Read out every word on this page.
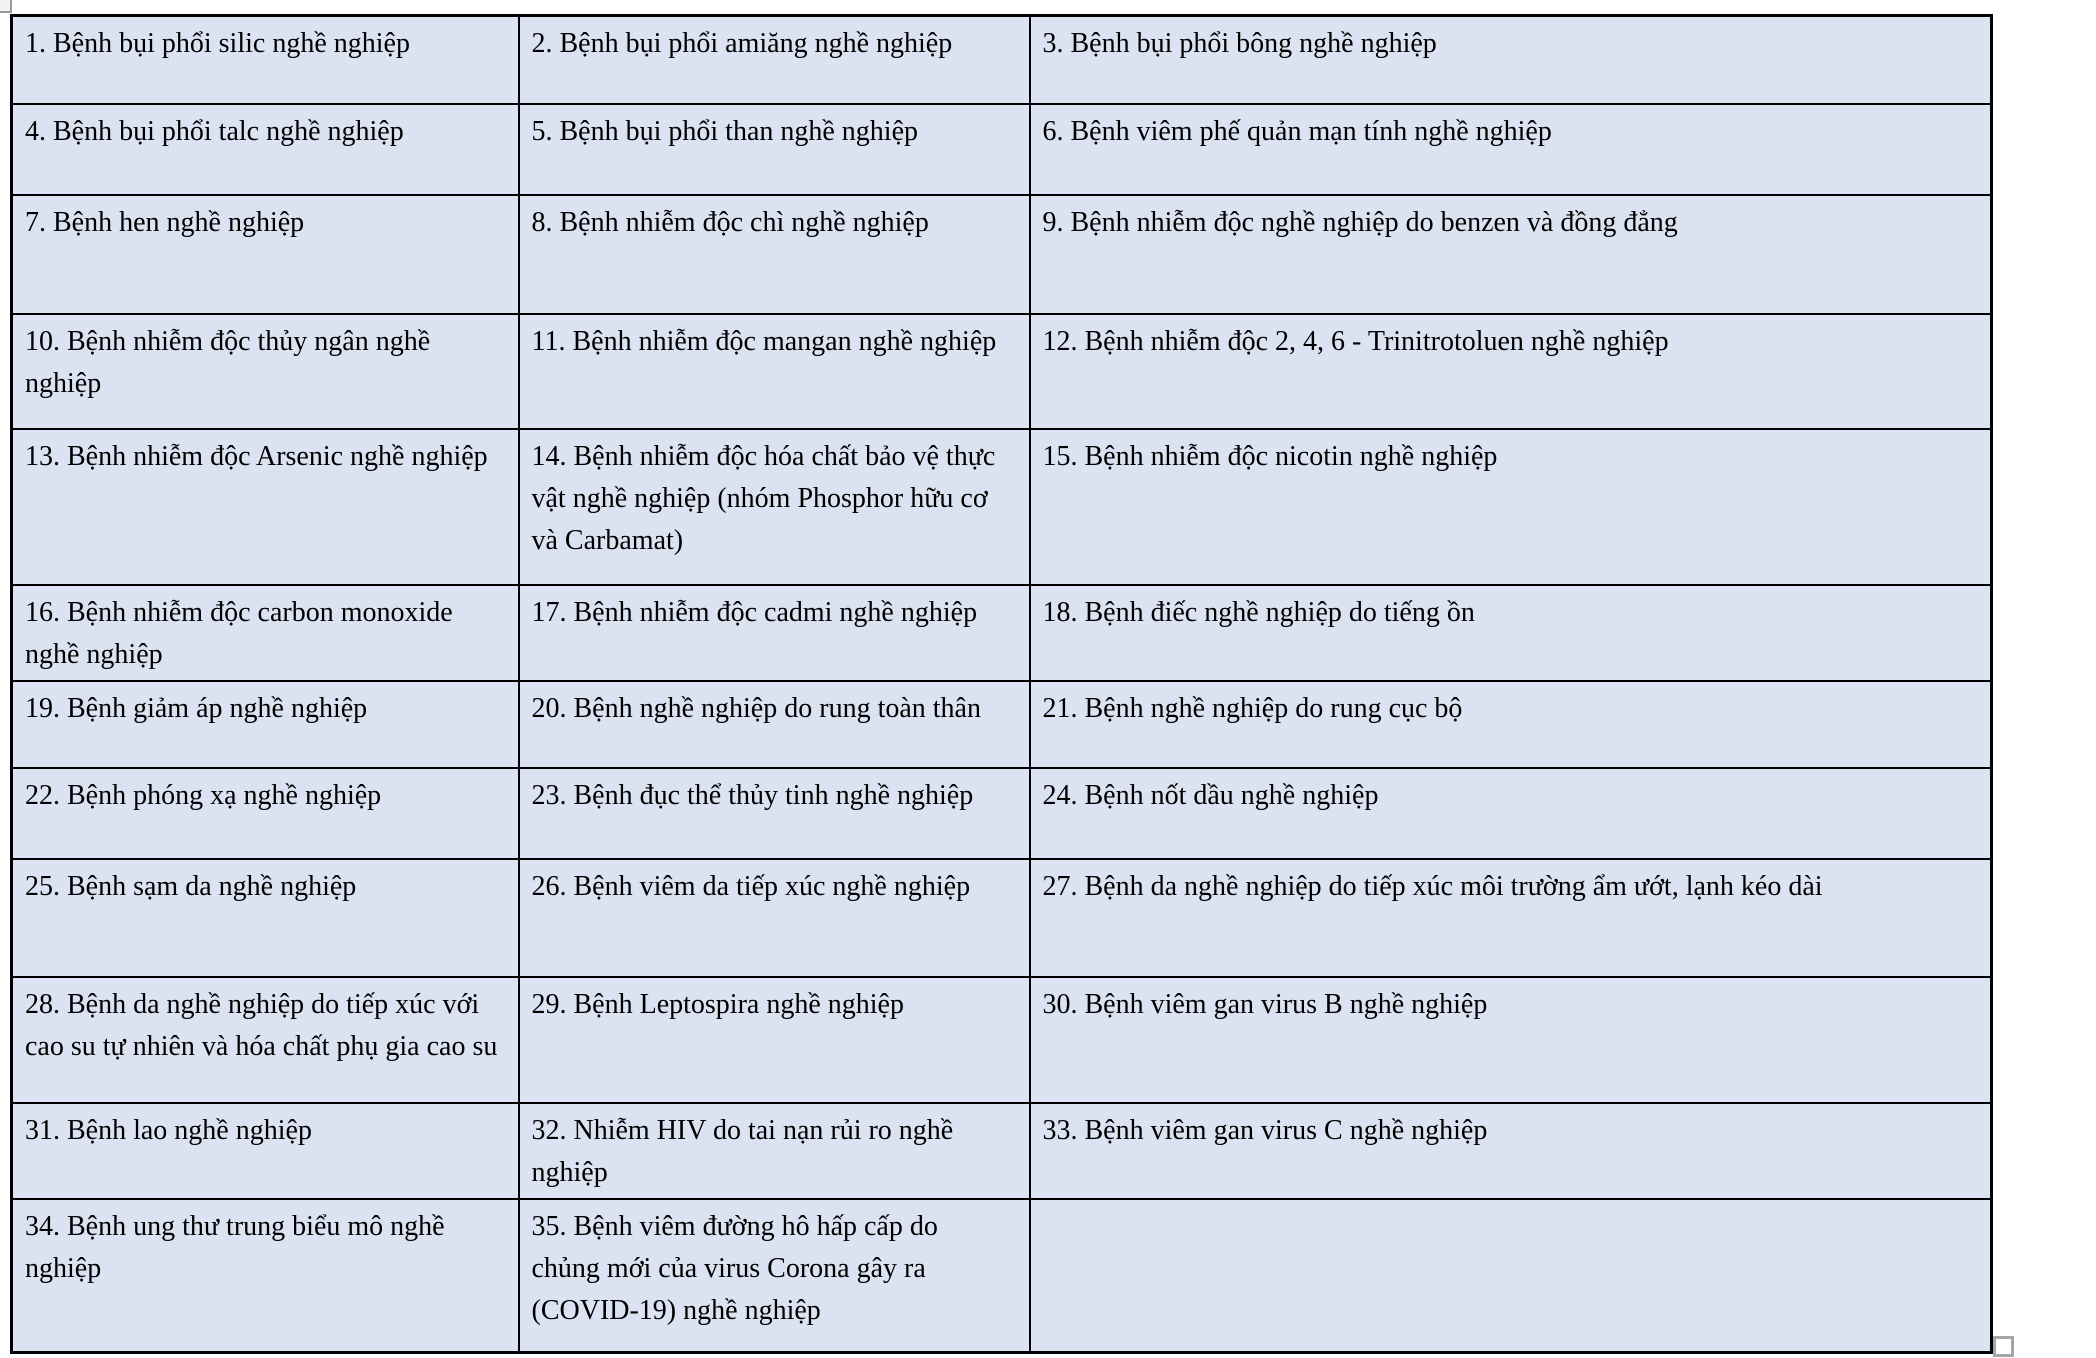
1. Bệnh bụi phổi silic nghề nghiệp	2. Bệnh bụi phổi amiăng nghề nghiệp	3. Bệnh bụi phổi bông nghề nghiệp
4. Bệnh bụi phổi talc nghề nghiệp	5. Bệnh bụi phổi than nghề nghiệp	6. Bệnh viêm phế quản mạn tính nghề nghiệp
7. Bệnh hen nghề nghiệp	8. Bệnh nhiễm độc chì nghề nghiệp	9. Bệnh nhiễm độc nghề nghiệp do benzen và đồng đẳng
10. Bệnh nhiễm độc thủy ngân nghề nghiệp	11. Bệnh nhiễm độc mangan nghề nghiệp	12. Bệnh nhiễm độc 2, 4, 6 - Trinitrotoluen nghề nghiệp
13. Bệnh nhiễm độc Arsenic nghề nghiệp	14. Bệnh nhiễm độc hóa chất bảo vệ thực vật nghề nghiệp (nhóm Phosphor hữu cơ và Carbamat)	15. Bệnh nhiễm độc nicotin nghề nghiệp
16. Bệnh nhiễm độc carbon monoxide nghề nghiệp	17. Bệnh nhiễm độc cadmi nghề nghiệp	18. Bệnh điếc nghề nghiệp do tiếng ồn
19. Bệnh giảm áp nghề nghiệp	20. Bệnh nghề nghiệp do rung toàn thân	21. Bệnh nghề nghiệp do rung cục bộ
22. Bệnh phóng xạ nghề nghiệp	23. Bệnh đục thể thủy tinh nghề nghiệp	24. Bệnh nốt dầu nghề nghiệp
25. Bệnh sạm da nghề nghiệp	26. Bệnh viêm da tiếp xúc nghề nghiệp	27. Bệnh da nghề nghiệp do tiếp xúc môi trường ẩm ướt, lạnh kéo dài
28. Bệnh da nghề nghiệp do tiếp xúc với cao su tự nhiên và hóa chất phụ gia cao su	29. Bệnh Leptospira nghề nghiệp	30. Bệnh viêm gan virus B nghề nghiệp
31. Bệnh lao nghề nghiệp	32. Nhiễm HIV do tai nạn rủi ro nghề nghiệp	33. Bệnh viêm gan virus C nghề nghiệp
34. Bệnh ung thư trung biểu mô nghề nghiệp	35. Bệnh viêm đường hô hấp cấp do chủng mới của virus Corona gây ra (COVID-19) nghề nghiệp	
